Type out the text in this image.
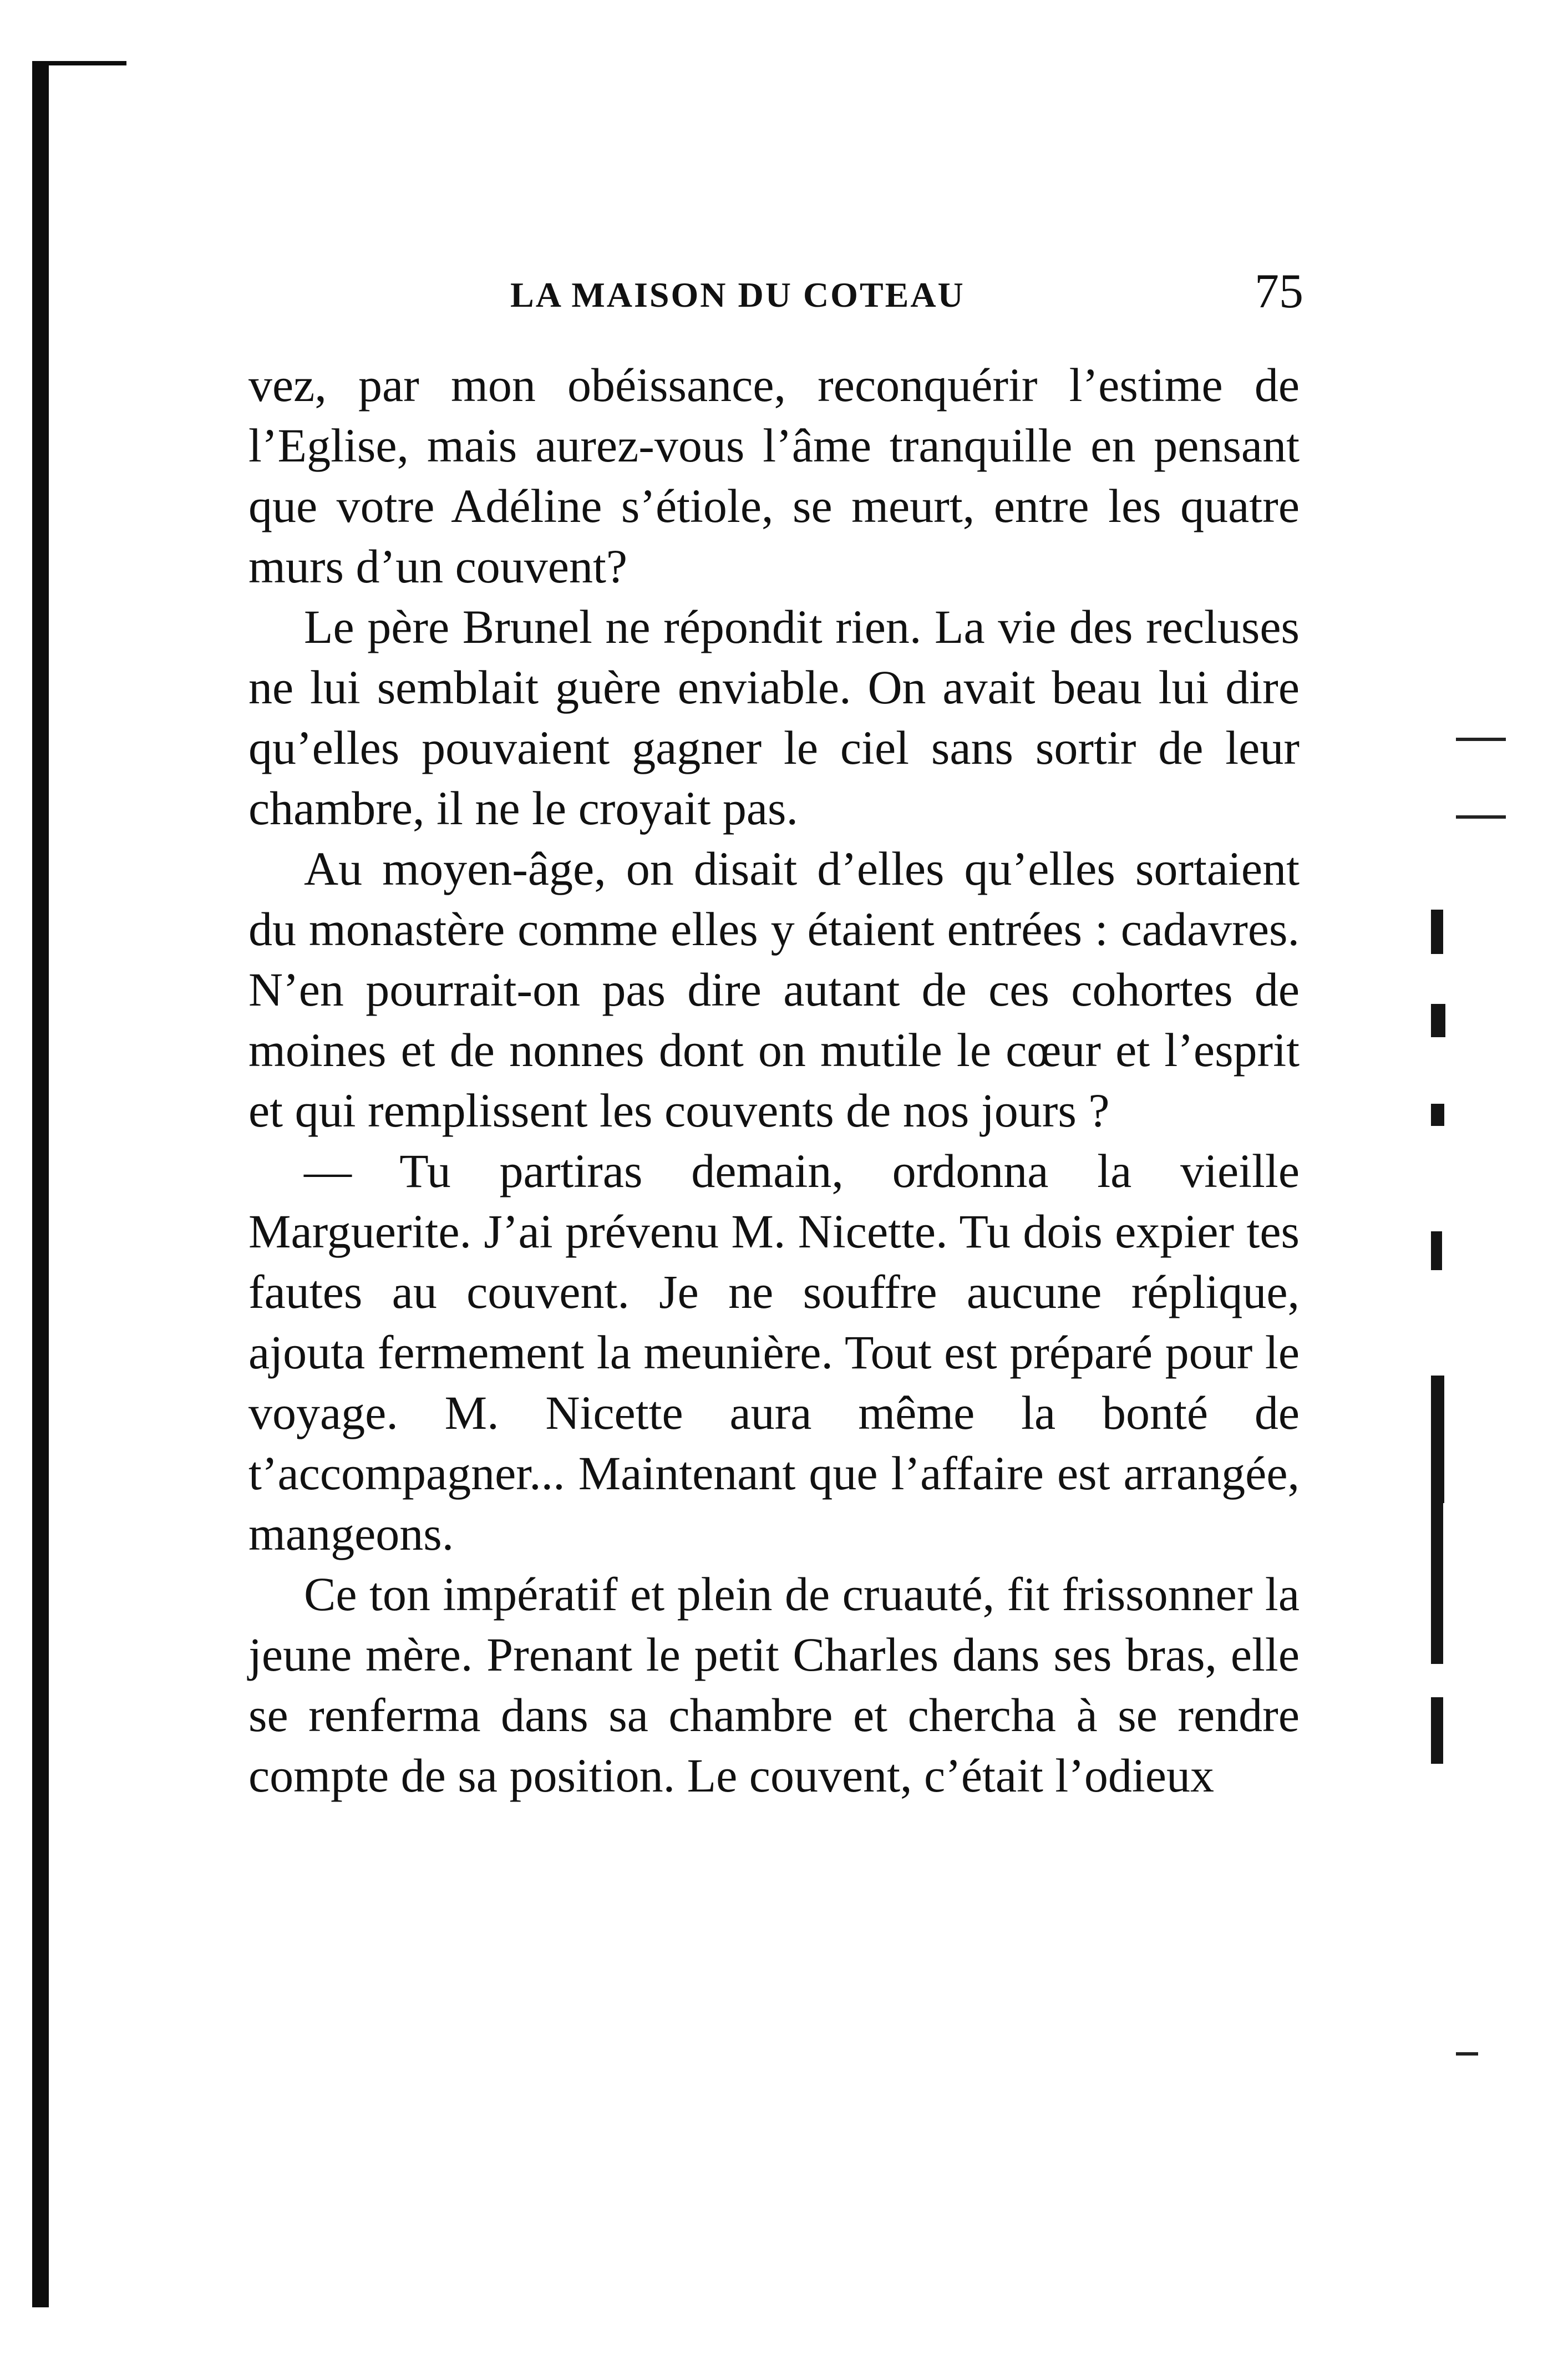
LA MAISON DU COTEAU	75

vez, par mon obéissance, reconquérir l’estime de l’Eglise, mais aurez-vous l’âme tranquille en pensant que votre Adéline s’étiole, se meurt, entre les quatre murs d’un couvent?

Le père Brunel ne répondit rien. La vie des recluses ne lui semblait guère enviable. On avait beau lui dire qu’elles pouvaient gagner le ciel sans sortir de leur chambre, il ne le croyait pas.

Au moyen-âge, on disait d’elles qu’elles sortaient du monastère comme elles y étaient entrées : cadavres. N’en pourrait-on pas dire autant de ces cohortes de moines et de nonnes dont on mutile le cœur et l’esprit et qui remplissent les couvents de nos jours ?

— Tu partiras demain, ordonna la vieille Marguerite. J’ai prévenu M. Nicette. Tu dois expier tes fautes au couvent. Je ne souffre aucune réplique, ajouta fermement la meunière. Tout est préparé pour le voyage. M. Nicette aura même la bonté de t’accompagner... Maintenant que l’affaire est arrangée, mangeons.

Ce ton impératif et plein de cruauté, fit frissonner la jeune mère. Prenant le petit Charles dans ses bras, elle se renferma dans sa chambre et chercha à se rendre compte de sa position. Le couvent, c’était l’odieux
